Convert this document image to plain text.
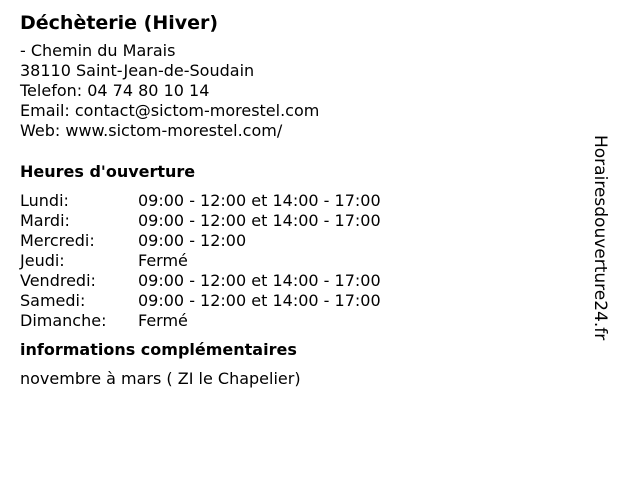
Déchèterie (Hiver)
- Chemin du Marais
38110 Saint-Jean-de-Soudain
Telefon: 04 74 80 10 14
Email: contact@sictom-morestel.com
Web: www.sictom-morestel.com/
Heures d'ouverture
Lundi:	09:00 - 12:00 et 14:00 - 17:00
Mardi:	09:00 - 12:00 et 14:00 - 17:00
Mercredi:	09:00 - 12:00
Jeudi:	Fermé
Vendredi:	09:00 - 12:00 et 14:00 - 17:00
Samedi:	09:00 - 12:00 et 14:00 - 17:00
Dimanche:	Fermé
informations complémentaires
novembre à mars ( ZI le Chapelier)
Horairesdouverture24.fr
